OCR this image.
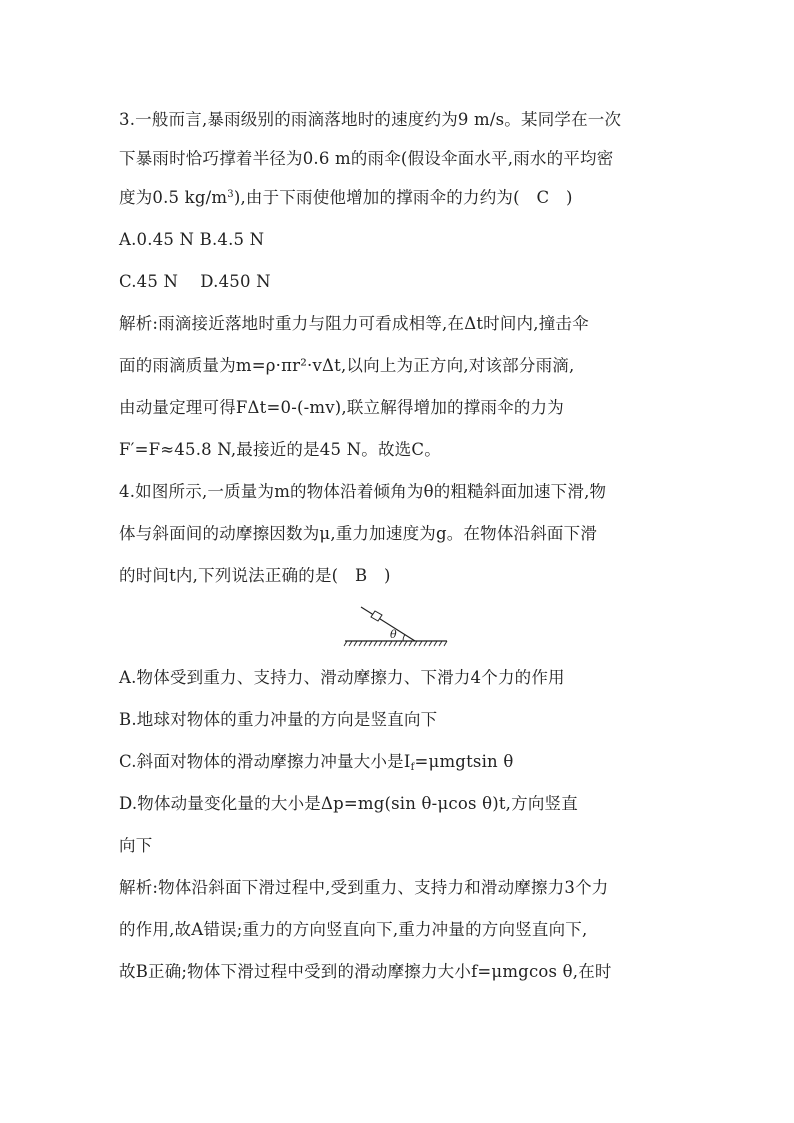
3.一般而言,暴雨级别的雨滴落地时的速度约为9 m/s。某同学在一次
下暴雨时恰巧撑着半径为0.6 m的雨伞(假设伞面水平,雨水的平均密
度为0.5 $kg/m^3$),由于下雨使他增加的撑雨伞的力约为(　C　)
A.0.45 N B.4.5 N
C.45 N　 D.450 N
解析:雨滴接近落地时重力与阻力可看成相等,在Δt时间内,撞击伞
面的雨滴质量为m=ρ·πr²·vΔt,以向上为正方向,对该部分雨滴,
由动量定理可得FΔt=0-(-mv),联立解得增加的撑雨伞的力为
F′=F≈45.8 N,最接近的是45 N。故选C。
4.如图所示,一质量为m的物体沿着倾角为θ的粗糙斜面加速下滑,物
体与斜面间的动摩擦因数为μ,重力加速度为g。在物体沿斜面下滑
的时间t内,下列说法正确的是(　B　)
θ
A.物体受到重力、支持力、滑动摩擦力、下滑力4个力的作用
B.地球对物体的重力冲量的方向是竖直向下
C.斜面对物体的滑动摩擦力冲量大小是$I_f=\mu mgtsin$ θ
D.物体动量变化量的大小是Δp=mg(sin θ-μcos θ)t,方向竖直
向下
解析:物体沿斜面下滑过程中,受到重力、支持力和滑动摩擦力3个力
的作用,故A错误;重力的方向竖直向下,重力冲量的方向竖直向下,
故B正确;物体下滑过程中受到的滑动摩擦力大小f=μmgcos θ,在时
